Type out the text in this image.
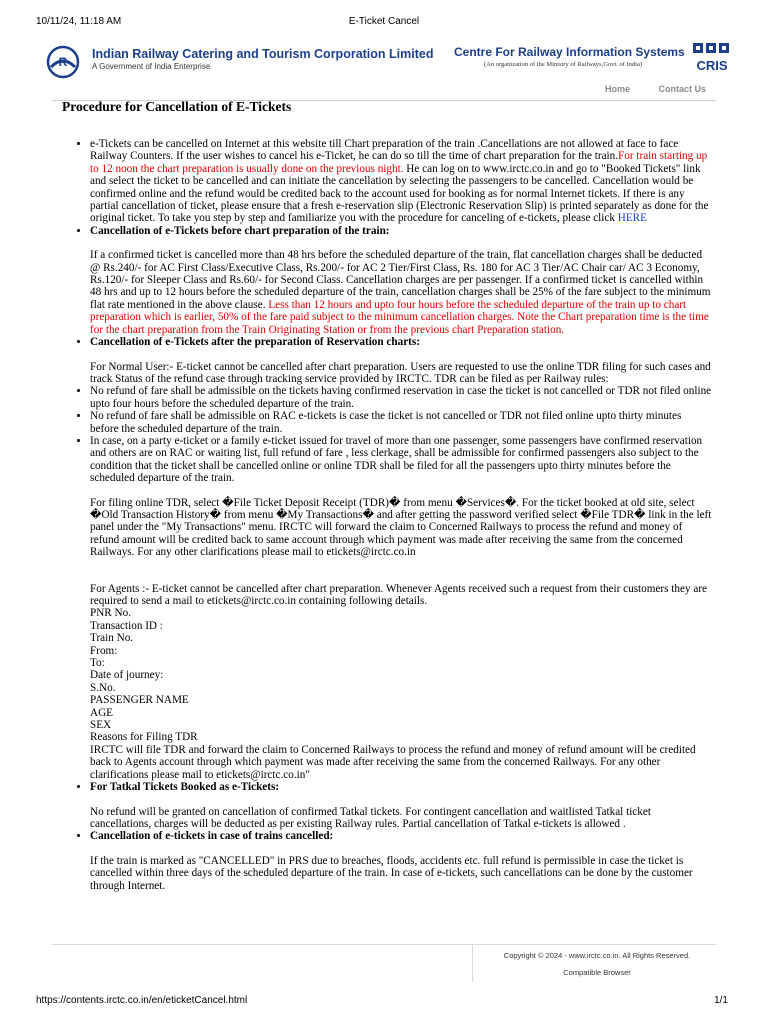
10/11/24, 11:18 AM	E-Ticket Cancel
R
Indian Railway Catering and Tourism Corporation Limited
A Government of India Enterprise
Centre For Railway Information Systems
(An organization of the Ministry of Railways,Govt. of India)	CRIS
Home	Contact Us
Procedure for Cancellation of E-Tickets
• e-Tickets can be cancelled on Internet at this website till Chart preparation of the train .Cancellations are not allowed at face to face Railway Counters. If the user wishes to cancel his e-Ticket, he can do so till the time of chart preparation for the train.For train starting up to 12 noon the chart preparation is usually done on the previous night. He can log on to www.irctc.co.in and go to "Booked Tickets" link and select the ticket to be cancelled and can initiate the cancellation by selecting the passengers to be cancelled. Cancellation would be confirmed online and the refund would be credited back to the account used for booking as for normal Internet tickets. If there is any partial cancellation of ticket, please ensure that a fresh e-reservation slip (Electronic Reservation Slip) is printed separately as done for the original ticket. To take you step by step and familiarize you with the procedure for canceling of e-tickets, please click HERE
• Cancellation of e-Tickets before chart preparation of the train:

If a confirmed ticket is cancelled more than 48 hrs before the scheduled departure of the train, flat cancellation charges shall be deducted @ Rs.240/- for AC First Class/Executive Class, Rs.200/- for AC 2 Tier/First Class, Rs. 180 for AC 3 Tier/AC Chair car/ AC 3 Economy, Rs.120/- for Sleeper Class and Rs.60/- for Second Class. Cancellation charges are per passenger. If a confirmed ticket is cancelled within 48 hrs and up to 12 hours before the scheduled departure of the train, cancellation charges shall be 25% of the fare subject to the minimum flat rate mentioned in the above clause. Less than 12 hours and upto four hours before the scheduled departure of the train up to chart preparation which is earlier, 50% of the fare paid subject to the minimum cancellation charges. Note the Chart preparation time is the time for the chart preparation from the Train Originating Station or from the previous chart Preparation station.

• Cancellation of e-Tickets after the preparation of Reservation charts:

For Normal User:- E-ticket cannot be cancelled after chart preparation. Users are requested to use the online TDR filing for such cases and track Status of the refund case through tracking service provided by IRCTC. TDR can be filed as per Railway rules:

• No refund of fare shall be admissible on the tickets having confirmed reservation in case the ticket is not cancelled or TDR not filed online upto four hours before the scheduled departure of the train.
• No refund of fare shall be admissible on RAC e-tickets is case the ticket is not cancelled or TDR not filed online upto thirty minutes before the scheduled departure of the train.
• In case, on a party e-ticket or a family e-ticket issued for travel of more than one passenger, some passengers have confirmed reservation and others are on RAC or waiting list, full refund of fare , less clerkage, shall be admissible for confirmed passengers also subject to the condition that the ticket shall be cancelled online or online TDR shall be filed for all the passengers upto thirty minutes before the scheduled departure of the train.

For filing online TDR, select �File Ticket Deposit Receipt (TDR)� from menu �Services�. For the ticket booked at old site, select �Old Transaction History� from menu �My Transactions� and after getting the password verified select �File TDR� link in the left panel under the "My Transactions" menu. IRCTC will forward the claim to Concerned Railways to process the refund and money of refund amount will be credited back to same account through which payment was made after receiving the same from the concerned Railways. For any other clarifications please mail to etickets@irctc.co.in

For Agents :- E-ticket cannot be cancelled after chart preparation. Whenever Agents received such a request from their customers they are required to send a mail to etickets@irctc.co.in containing following details.

PNR No.
Transaction ID :
Train No.
From:
To:
Date of journey:
S.No.
PASSENGER NAME
AGE
SEX
Reasons for Filing TDR

IRCTC will file TDR and forward the claim to Concerned Railways to process the refund and money of refund amount will be credited back to Agents account through which payment was made after receiving the same from the concerned Railways. For any other clarifications please mail to etickets@irctc.co.in"

• For Tatkal Tickets Booked as e-Tickets:

No refund will be granted on cancellation of confirmed Tatkal tickets. For contingent cancellation and waitlisted Tatkal ticket cancellations, charges will be deducted as per existing Railway rules. Partial cancellation of Tatkal e-tickets is allowed .

• Cancellation of e-tickets in case of trains cancelled:

If the train is marked as "CANCELLED" in PRS due to breaches, floods, accidents etc. full refund is permissible in case the ticket is cancelled within three days of the scheduled departure of the train. In case of e-tickets, such cancellations can be done by the customer through Internet.

Copyright © 2024 - www.irctc.co.in. All Rights Reserved.
Compatible Browser
https://contents.irctc.co.in/en/eticketCancel.html	1/1
